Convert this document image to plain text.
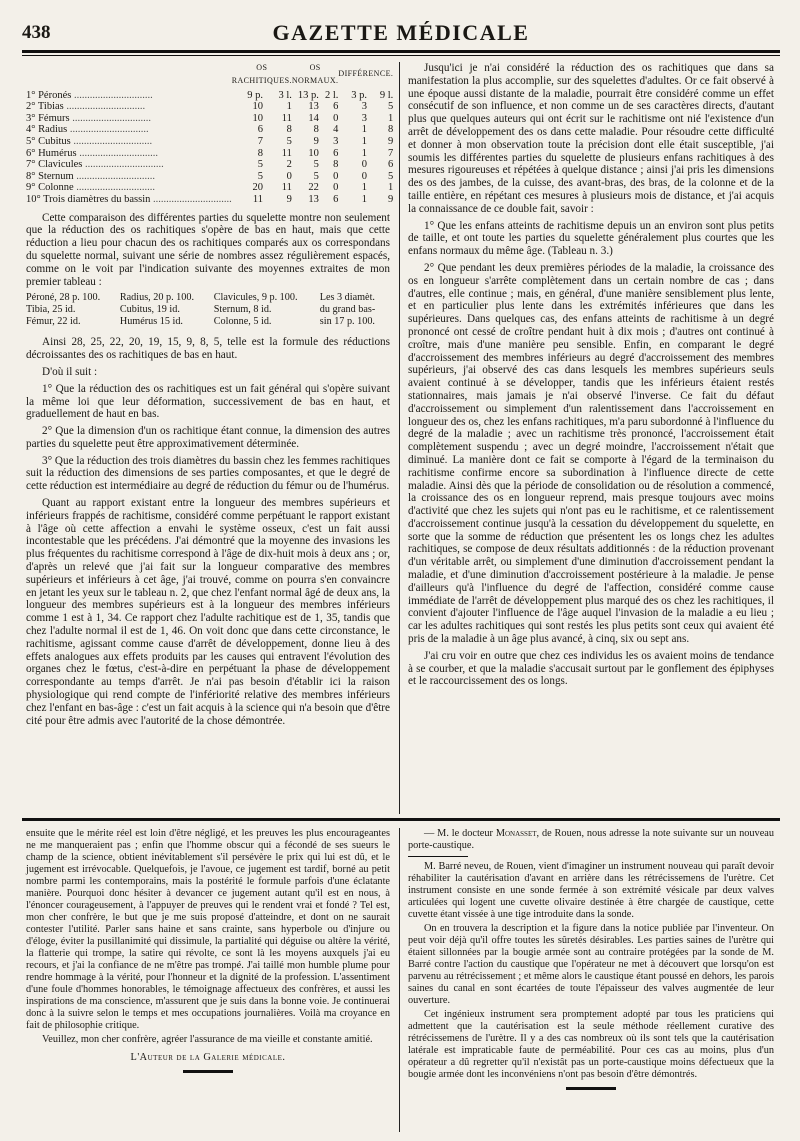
438	GAZETTE MÉDICALE
	OS RACHITIQUES.		OS NORMAUX.		DIFFÉRENCE.	
1° Péronés ..............................	9 p.	3 l.	13 p.	2 l.	3 p.	9 l.
2° Tibias ..............................	10	1	13	6	3	5
3° Fémurs ..............................	10	11	14	0	3	1
4° Radius ..............................	6	8	8	4	1	8
5° Cubitus ..............................	7	5	9	3	1	9
6° Humérus ..............................	8	11	10	6	1	7
7° Clavicules ..............................	5	2	5	8	0	6
8° Sternum ..............................	5	0	5	0	0	5
9° Colonne ..............................	20	11	22	0	1	1
10° Trois diamètres du bassin ..............................	11	9	13	6	1	9

Cette comparaison des différentes parties du squelette montre non seulement que la réduction des os rachitiques s'opère de bas en haut, mais que cette réduction a lieu pour chacun des os rachitiques comparés aux os correspondans du squelette normal, suivant une série de nombres assez régulièrement espacés, comme on le voit par l'indication suivante des moyennes extraites de mon premier tableau :

Péroné, 28 p. 100.	Radius, 20 p. 100.	Clavicules, 9 p. 100.	Les 3 diamèt.
Tibia, 25 id.	Cubitus, 19 id.	Sternum, 8 id.	du grand bas-
Fémur, 22 id.	Humérus 15 id.	Colonne, 5 id.	sin 17 p. 100.

Ainsi 28, 25, 22, 20, 19, 15, 9, 8, 5, telle est la formule des réductions décroissantes des os rachitiques de bas en haut.

D'où il suit :

1° Que la réduction des os rachitiques est un fait général qui s'opère suivant la même loi que leur déformation, successivement de bas en haut, et graduellement de haut en bas.

2° Que la dimension d'un os rachitique étant connue, la dimension des autres parties du squelette peut être approximativement déterminée.

3° Que la réduction des trois diamètres du bassin chez les femmes rachitiques suit la réduction des dimensions de ses parties composantes, et que le degré de cette réduction est intermédiaire au degré de réduction du fémur ou de l'humérus.

Quant au rapport existant entre la longueur des membres supérieurs et inférieurs frappés de rachitisme, considéré comme perpétuant le rapport existant à l'âge où cette affection a envahi le système osseux, c'est un fait aussi incontestable que les précédens. J'ai démontré que la moyenne des invasions les plus fréquentes du rachitisme correspond à l'âge de dix-huit mois à deux ans ; or, d'après un relevé que j'ai fait sur la longueur comparative des membres supérieurs et inférieurs à cet âge, j'ai trouvé, comme on pourra s'en convaincre en jetant les yeux sur le tableau n. 2, que chez l'enfant normal âgé de deux ans, la longueur des membres supérieurs est à la longueur des membres inférieurs comme 1 est à 1, 34. Ce rapport chez l'adulte rachitique est de 1, 35, tandis que chez l'adulte normal il est de 1, 46. On voit donc que dans cette circonstance, le rachitisme, agissant comme cause d'arrêt de développement, donne lieu à des effets analogues aux effets produits par les causes qui entravent l'évolution des organes chez le fœtus, c'est-à-dire en perpétuant la phase de développement correspondante au temps d'arrêt. Je n'ai pas besoin d'établir ici la raison physiologique qui rend compte de l'infériorité relative des membres inférieurs chez l'enfant en bas-âge : c'est un fait acquis à la science qui n'a besoin que d'être cité pour être admis avec l'autorité de la chose démontrée.

Jusqu'ici je n'ai considéré la réduction des os rachitiques que dans sa manifestation la plus accomplie, sur des squelettes d'adultes. Or ce fait observé à une époque aussi distante de la maladie, pourrait être considéré comme un effet consécutif de son influence, et non comme un de ses caractères directs, d'autant plus que quelques auteurs qui ont écrit sur le rachitisme ont nié l'existence d'un arrêt de développement des os dans cette maladie. Pour résoudre cette difficulté et donner à mon observation toute la précision dont elle était susceptible, j'ai soumis les différentes parties du squelette de plusieurs enfans rachitiques à des mesures rigoureuses et répétées à quelque distance ; ainsi j'ai pris les dimensions des os des jambes, de la cuisse, des avant-bras, des bras, de la colonne et de la taille entière, en répétant ces mesures à plusieurs mois de distance, et j'ai acquis la connaissance de ce double fait, savoir :

1° Que les enfans atteints de rachitisme depuis un an environ sont plus petits de taille, et ont toute les parties du squelette généralement plus courtes que les enfans normaux du même âge. (Tableau n. 3.)

2° Que pendant les deux premières périodes de la maladie, la croissance des os en longueur s'arrête complètement dans un certain nombre de cas ; dans d'autres, elle continue ; mais, en général, d'une manière sensiblement plus lente, et en particulier plus lente dans les extrémités inférieures que dans les supérieures. Dans quelques cas, des enfans atteints de rachitisme à un degré prononcé ont cessé de croître pendant huit à dix mois ; d'autres ont continué à croître, mais d'une manière peu sensible. Enfin, en comparant le degré d'accroissement des membres inférieurs au degré d'accroissement des membres supérieurs, j'ai observé des cas dans lesquels les membres supérieurs seuls avaient continué à se développer, tandis que les inférieurs étaient restés stationnaires, mais jamais je n'ai observé l'inverse. Ce fait du défaut d'accroissement ou simplement d'un ralentissement dans l'accroissement en longueur des os, chez les enfans rachitiques, m'a paru subordonné à l'influence du degré de la maladie ; avec un rachitisme très prononcé, l'accroissement était complètement suspendu ; avec un degré moindre, l'accroissement n'était que diminué. La manière dont ce fait se comporte à l'égard de la terminaison du rachitisme confirme encore sa subordination à l'influence directe de cette maladie. Ainsi dès que la période de consolidation ou de résolution a commencé, la croissance des os en longueur reprend, mais presque toujours avec moins d'activité que chez les sujets qui n'ont pas eu le rachitisme, et ce ralentissement d'accroissement continue jusqu'à la cessation du développement du squelette, en sorte que la somme de réduction que présentent les os longs chez les adultes rachitiques, se compose de deux résultats additionnés : de la réduction provenant d'un véritable arrêt, ou simplement d'une diminution d'accroissement pendant la maladie, et d'une diminution d'accroissement postérieure à la maladie. Je pense d'ailleurs qu'à l'influence du degré de l'affection, considéré comme cause immédiate de l'arrêt de développement plus marqué des os chez les rachitiques, il convient d'ajouter l'influence de l'âge auquel l'invasion de la maladie a eu lieu ; car les adultes rachitiques qui sont restés les plus petits sont ceux qui avaient été pris de la maladie à un âge plus avancé, à cinq, six ou sept ans.

J'ai cru voir en outre que chez ces individus les os avaient moins de tendance à se courber, et que la maladie s'accusait surtout par le gonflement des épiphyses et le raccourcissement des os longs.

ensuite que le mérite réel est loin d'être négligé, et les preuves les plus encourageantes ne me manqueraient pas ; enfin que l'homme obscur qui a fécondé de ses sueurs le champ de la science, obtient inévitablement s'il persévère le prix qui lui est dû, et le jugement est irrévocable. Quelquefois, je l'avoue, ce jugement est tardif, borné au petit nombre parmi les contemporains, mais la postérité le formule parfois d'une éclatante manière. Pourquoi donc hésiter à devancer ce jugement autant qu'il est en nous, à l'énoncer courageusement, à l'appuyer de preuves qui le rendent vrai et fondé ? Tel est, mon cher confrère, le but que je me suis proposé d'atteindre, et dont on ne saurait contester l'utilité. Parler sans haine et sans crainte, sans hyperbole ou d'injure ou d'éloge, éviter la pusillanimité qui dissimule, la partialité qui déguise ou altère la vérité, la flatterie qui trompe, la satire qui révolte, ce sont là les moyens auxquels j'ai eu recours, et j'ai la confiance de ne m'être pas trompé. J'ai taillé mon humble plume pour rendre hommage à la vérité, pour l'honneur et la dignité de la profession. L'assentiment d'une foule d'hommes honorables, le témoignage affectueux des confrères, et aussi les inspirations de ma conscience, m'assurent que je suis dans la bonne voie. Je continuerai donc à la suivre selon le temps et mes occupations journalières. Voilà ma croyance en fait de philosophie critique.

Veuillez, mon cher confrère, agréer l'assurance de ma vieille et constante amitié.

L'Auteur de la Galerie médicale.

— M. le docteur Monasset, de Rouen, nous adresse la note suivante sur un nouveau porte-caustique.

M. Barré neveu, de Rouen, vient d'imaginer un instrument nouveau qui paraît devoir réhabiliter la cautérisation d'avant en arrière dans les rétrécissemens de l'urètre. Cet instrument consiste en une sonde fermée à son extrémité vésicale par deux valves articulées qui logent une cuvette olivaire destinée à être chargée de caustique, cette cuvette étant vissée à une tige introduite dans la sonde.

On en trouvera la description et la figure dans la notice publiée par l'inventeur. On peut voir déjà qu'il offre toutes les sûretés désirables. Les parties saines de l'urètre qui étaient sillonnées par la bougie armée sont au contraire protégées par la sonde de M. Barré contre l'action du caustique que l'opérateur ne met à découvert que lorsqu'on est parvenu au rétrécissement ; et même alors le caustique étant poussé en dehors, les parois saines du canal en sont écartées de toute l'épaisseur des valves augmentée de leur ouverture.

Cet ingénieux instrument sera promptement adopté par tous les praticiens qui admettent que la cautérisation est la seule méthode réellement curative des rétrécissemens de l'urètre. Il y a des cas nombreux où ils sont tels que la cautérisation latérale est impraticable faute de perméabilité. Pour ces cas au moins, plus d'un opérateur a dû regretter qu'il n'existât pas un porte-caustique moins défectueux que la bougie armée dont les inconvéniens n'ont pas besoin d'être démontrés.
